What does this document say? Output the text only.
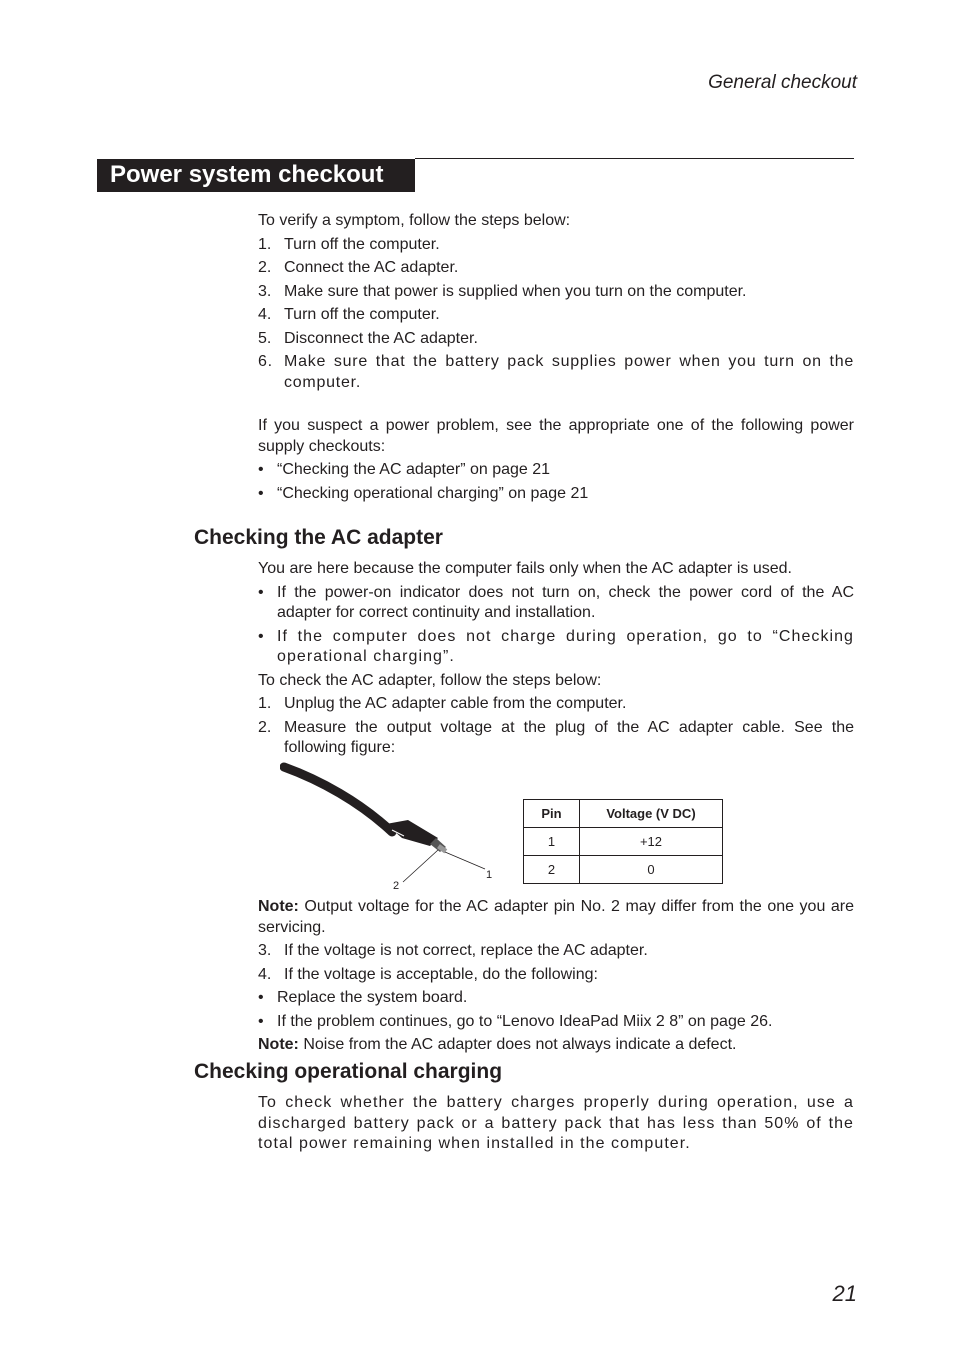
General checkout
Power system checkout

To verify a symptom, follow the steps below:

1. Turn off the computer.
2. Connect the AC adapter.
3. Make sure that power is supplied when you turn on the computer.
4. Turn off the computer.
5. Disconnect the AC adapter.
6. Make sure that the battery pack supplies power when you turn on the computer.

If you suspect a power problem, see the appropriate one of the following power supply checkouts:

• “Checking the AC adapter” on page 21
• “Checking operational charging” on page 21
Checking the AC adapter

You are here because the computer fails only when the AC adapter is used.

• If the power-on indicator does not turn on, check the power cord of the AC adapter for correct continuity and installation.
• If the computer does not charge during operation, go to “Checking operational charging”.

To check the AC adapter, follow the steps below:

1. Unplug the AC adapter cable from the computer.
2. Measure the output voltage at the plug of the AC adapter cable. See the following figure:
1
2
Pin	Voltage (V DC)
1	+12
2	0

Note: Output voltage for the AC adapter pin No. 2 may differ from the one you are servicing.

3. If the voltage is not correct, replace the AC adapter.
4. If the voltage is acceptable, do the following:
• Replace the system board.
• If the problem continues, go to “Lenovo IdeaPad Miix 2 8” on page 26.

Note: Noise from the AC adapter does not always indicate a defect.

Checking operational charging

To check whether the battery charges properly during operation, use a discharged battery pack or a battery pack that has less than 50% of the total power remaining when installed in the computer.

21
